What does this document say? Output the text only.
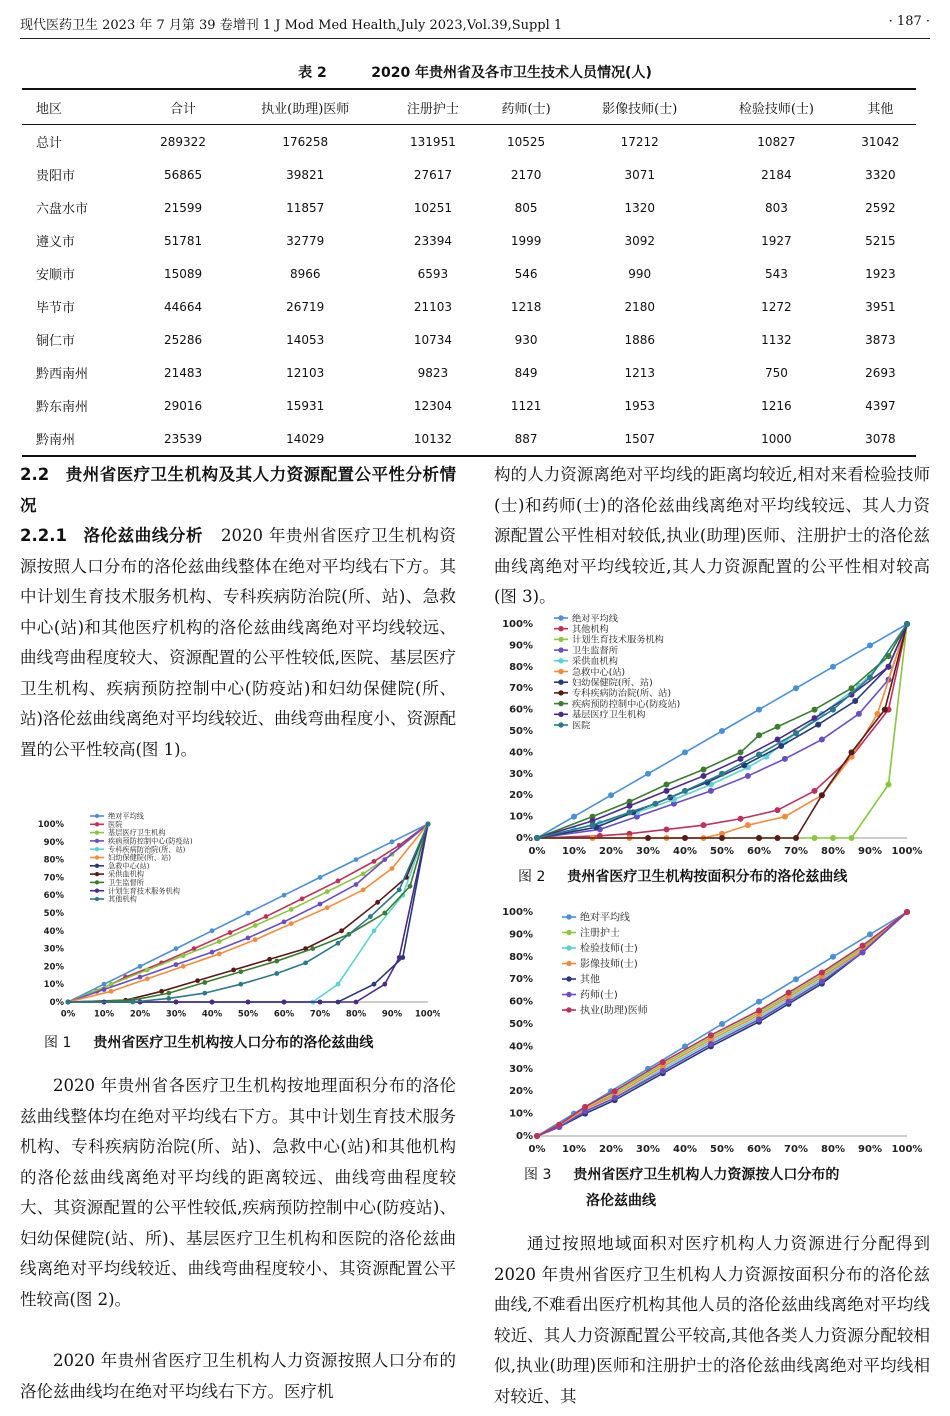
现代医药卫生 2023 年 7 月第 39 卷增刊 1 J Mod Med Health,July 2023,Vol.39,Suppl 1	· 187 ·
表 2	2020 年贵州省及各市卫生技术人员情况(人)
地区	合计	执业(助理)医师	注册护士	药师(士)	影像技师(士)	检验技师(士)	其他
总计	289322	176258	131951	10525	17212	10827	31042
贵阳市	56865	39821	27617	2170	3071	2184	3320
六盘水市	21599	11857	10251	805	1320	803	2592
遵义市	51781	32779	23394	1999	3092	1927	5215
安顺市	15089	8966	6593	546	990	543	1923
毕节市	44664	26719	21103	1218	2180	1272	3951
铜仁市	25286	14053	10734	930	1886	1132	3873
黔西南州	21483	12103	9823	849	1213	750	2693
黔东南州	29016	15931	12304	1121	1953	1216	4397
黔南州	23539	14029	10132	887	1507	1000	3078
2.2 贵州省医疗卫生机构及其人力资源配置公平性分析情况
2.2.1 洛伦兹曲线分析 2020 年贵州省医疗卫生机构资源按照人口分布的洛伦兹曲线整体在绝对平均线右下方。其中计划生育技术服务机构、专科疾病防治院(所、站)、急救中心(站)和其他医疗机构的洛伦兹曲线离绝对平均线较远、曲线弯曲程度较大、资源配置的公平性较低,医院、基层医疗卫生机构、疾病预防控制中心(防疫站)和妇幼保健院(所、站)洛伦兹曲线离绝对平均线较近、曲线弯曲程度小、资源配置的公平性较高(图 1)。
0%
10%
20%
30%
40%
50%
60%
70%
80%
90%
100%
0% 10% 20% 30% 40% 50% 60% 70% 80% 90% 100%
绝对平均线
医院
基层医疗卫生机构
疾病预防控制中心(防疫站)
专科疾病防治院(所、站)
妇幼保健院(所、站)
急救中心(站)
采供血机构
卫生监督所
计划生育技术服务机构
其他机构
图 1 贵州省医疗卫生机构按人口分布的洛伦兹曲线

2020 年贵州省各医疗卫生机构按地理面积分布的洛伦兹曲线整体均在绝对平均线右下方。其中计划生育技术服务机构、专科疾病防治院(所、站)、急救中心(站)和其他机构的洛伦兹曲线离绝对平均线的距离较远、曲线弯曲程度较大、其资源配置的公平性较低,疾病预防控制中心(防疫站)、妇幼保健院(站、所)、基层医疗卫生机构和医院的洛伦兹曲线离绝对平均线较近、曲线弯曲程度较小、其资源配置公平性较高(图 2)。

2020 年贵州省医疗卫生机构人力资源按照人口分布的洛伦兹曲线均在绝对平均线右下方。医疗机

构的人力资源离绝对平均线的距离均较近,相对来看检验技师(士)和药师(士)的洛伦兹曲线离绝对平均线较远、其人力资源配置公平性相对较低,执业(助理)医师、注册护士的洛伦兹曲线离绝对平均线较近,其人力资源配置的公平性相对较高(图 3)。

0%
10%
20%
30%
40%
50%
60%
70%
80%
90%
100%
0% 10% 20% 30% 40% 50% 60% 70% 80% 90% 100%
绝对平均线
其他机构
计划生育技术服务机构
卫生监督所
采供血机构
急救中心(站)
妇幼保健院(所、站)
专科疾病防治院(所、站)
疾病预防控制中心(防疫站)
基层医疗卫生机构
医院
图 2 贵州省医疗卫生机构按面积分布的洛伦兹曲线
0%
10%
20%
30%
40%
50%
60%
70%
80%
90%
100%
0% 10% 20% 30% 40% 50% 60% 70% 80% 90% 100%
绝对平均线
注册护士
检验技师(士)
影像技师(士)
其他
药师(士)
执业(助理)医师
图 3 贵州省医疗卫生机构人力资源按人口分布的
洛伦兹曲线

通过按照地域面积对医疗机构人力资源进行分配得到 2020 年贵州省医疗卫生机构人力资源按面积分布的洛伦兹曲线,不难看出医疗机构其他人员的洛伦兹曲线离绝对平均线较近、其人力资源配置公平较高,其他各类人力资源分配较相似,执业(助理)医师和注册护士的洛伦兹曲线离绝对平均线相对较近、其
